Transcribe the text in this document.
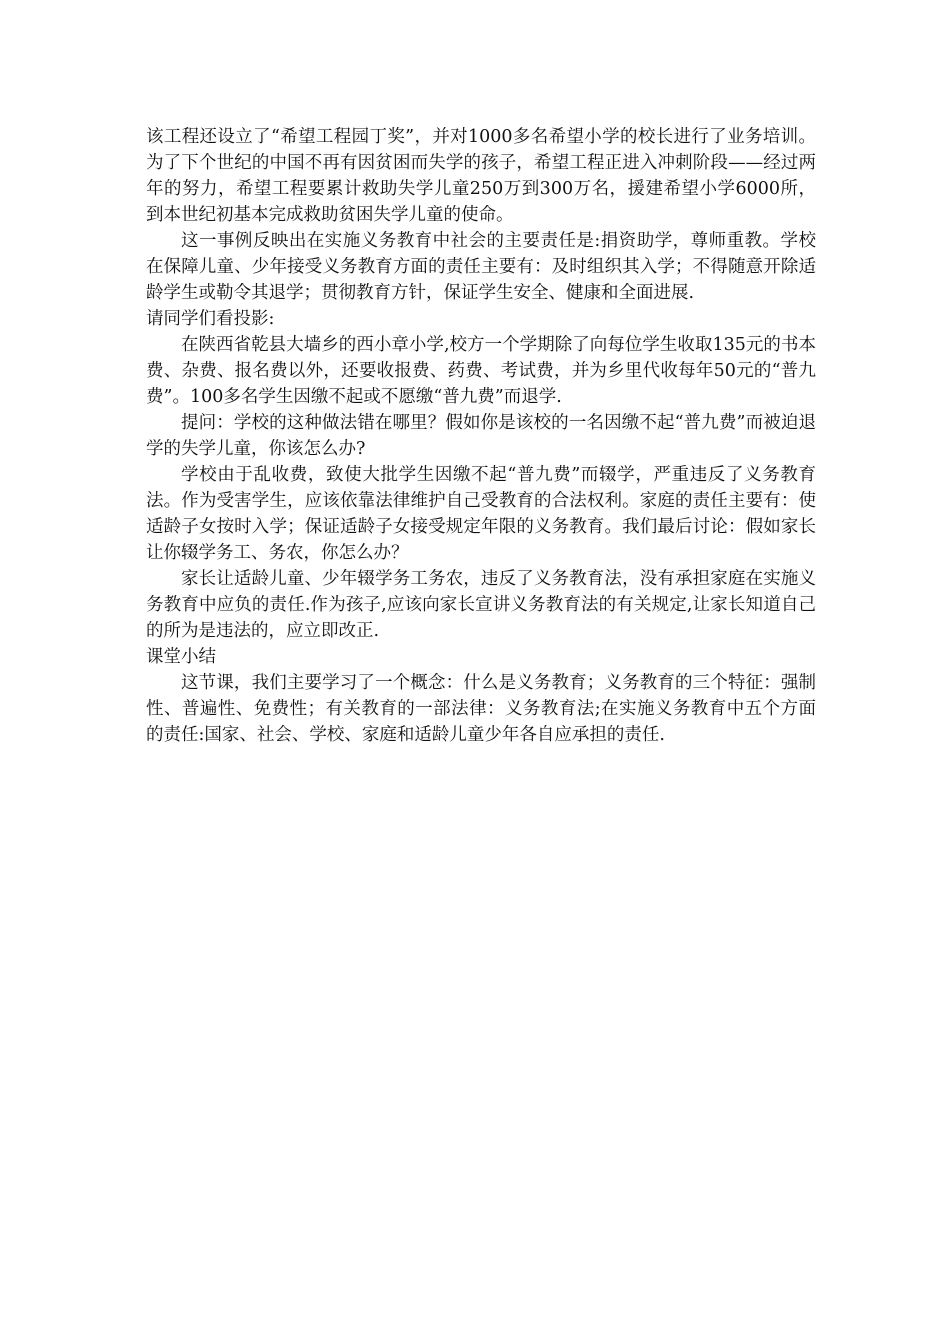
该工程还设立了“希望工程园丁奖”，并对1000多名希望小学的校长进行了业务培训。为了下个世纪的中国不再有因贫困而失学的孩子，希望工程正进入冲刺阶段——经过两年的努力，希望工程要累计救助失学儿童250万到300万名，援建希望小学6000所，到本世纪初基本完成救助贫困失学儿童的使命。

这一事例反映出在实施义务教育中社会的主要责任是:捐资助学，尊师重教。学校在保障儿童、少年接受义务教育方面的责任主要有：及时组织其入学；不得随意开除适龄学生或勒令其退学；贯彻教育方针，保证学生安全、健康和全面进展.

请同学们看投影:

在陕西省乾县大墙乡的西小章小学,校方一个学期除了向每位学生收取135元的书本费、杂费、报名费以外，还要收报费、药费、考试费，并为乡里代收每年50元的“普九费”。100多名学生因缴不起或不愿缴“普九费”而退学.

提问：学校的这种做法错在哪里？假如你是该校的一名因缴不起“普九费”而被迫退学的失学儿童，你该怎么办?

学校由于乱收费，致使大批学生因缴不起“普九费”而辍学，严重违反了义务教育法。作为受害学生，应该依靠法律维护自己受教育的合法权利。家庭的责任主要有：使适龄子女按时入学；保证适龄子女接受规定年限的义务教育。我们最后讨论：假如家长让你辍学务工、务农，你怎么办？

家长让适龄儿童、少年辍学务工务农，违反了义务教育法，没有承担家庭在实施义务教育中应负的责任.作为孩子,应该向家长宣讲义务教育法的有关规定,让家长知道自己的所为是违法的，应立即改正.

课堂小结

这节课，我们主要学习了一个概念：什么是义务教育；义务教育的三个特征：强制性、普遍性、免费性；有关教育的一部法律：义务教育法;在实施义务教育中五个方面的责任:国家、社会、学校、家庭和适龄儿童少年各自应承担的责任.
